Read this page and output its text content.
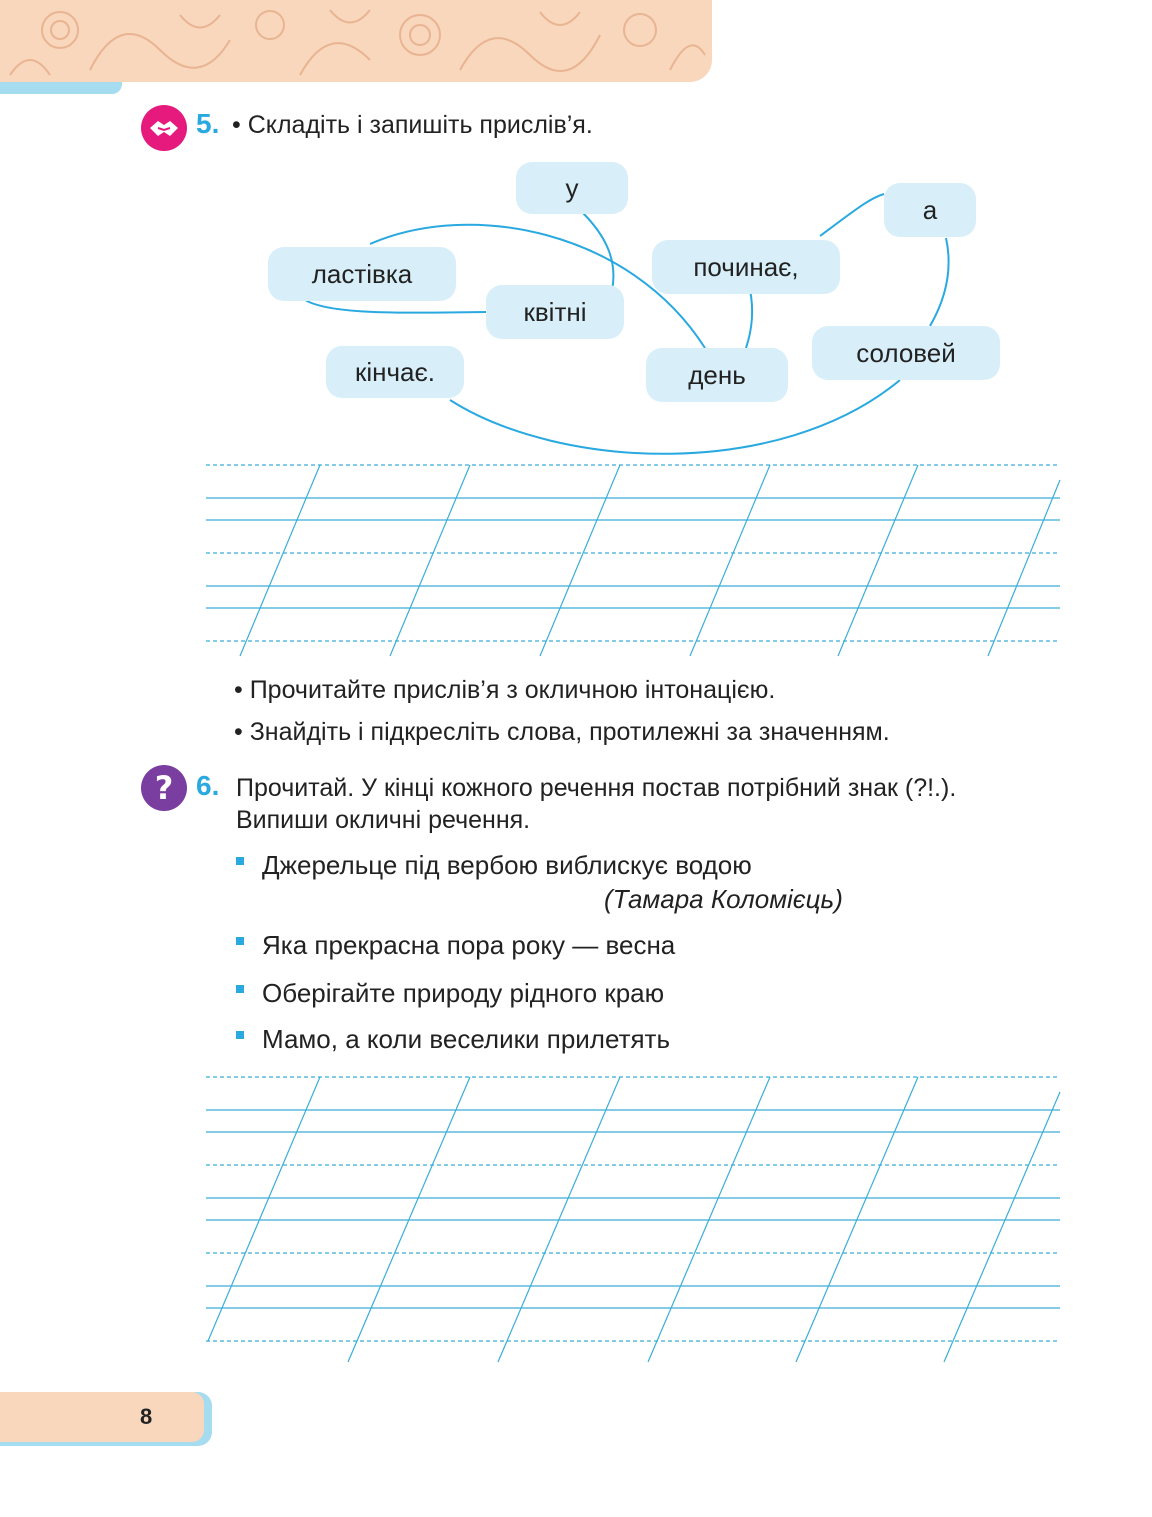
5. • Складіть і запишіть прислів’я.
у
а
ластівка	починає,
квітні
кінчає.	день
соловей
• Прочитайте прислів’я з окличною інтонацією.
• Знайдіть і підкресліть слова, протилежні за значенням.
? 6. Прочитай. У кінці кожного речення постав потрібний знак (?!.).
Випиши окличні речення.
Джерельце під вербою виблискує водою
(Тамара Коломієць)
Яка прекрасна пора року — весна
Оберігайте природу рідного краю
Мамо, а коли веселики прилетять
8
